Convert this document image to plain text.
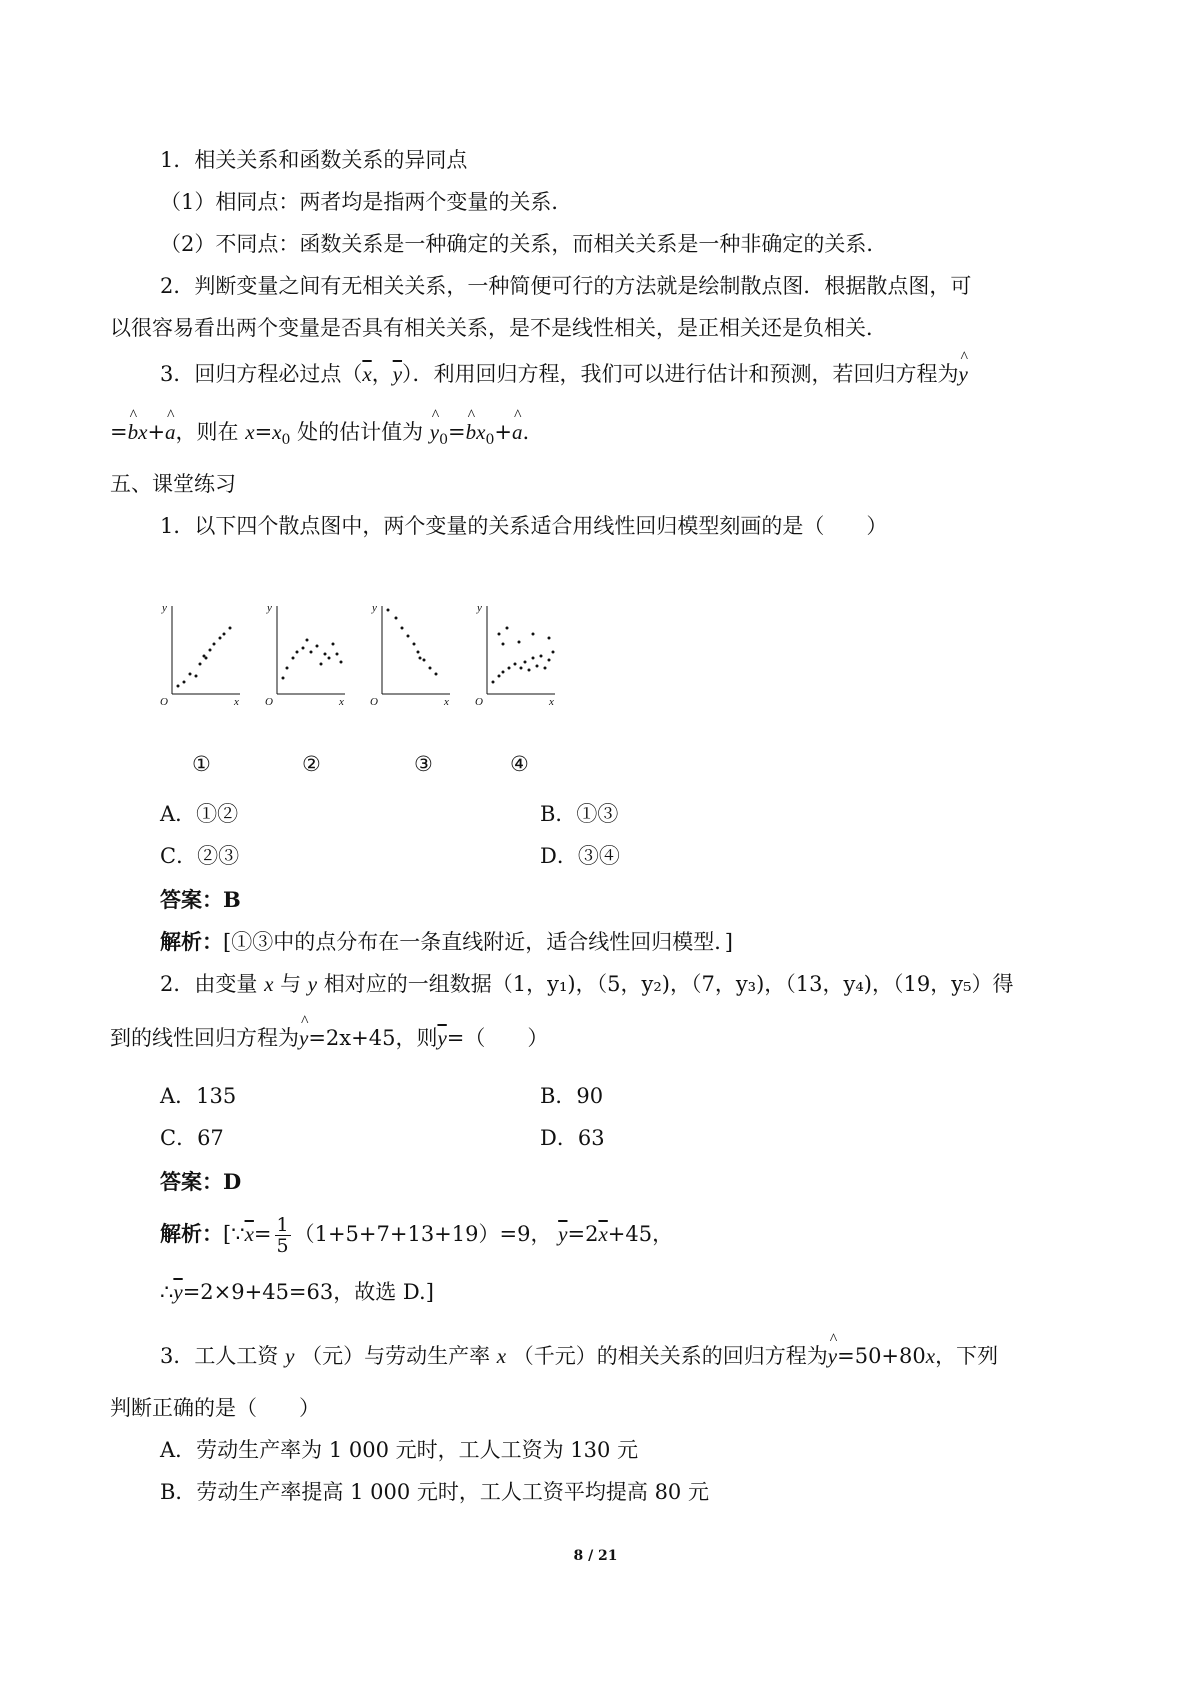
1．相关关系和函数关系的异同点
（1）相同点：两者均是指两个变量的关系．
（2）不同点：函数关系是一种确定的关系，而相关关系是一种非确定的关系．
2．判断变量之间有无相关关系，一种简便可行的方法就是绘制散点图．根据散点图，可
以很容易看出两个变量是否具有相关关系，是不是线性相关，是正相关还是负相关．
3．回归方程必过点（$\overline{x}$，$\overline{y}$）．利用回归方程，我们可以进行估计和预测，若回归方程为^ y
=^ bx+^ a，则在 $x=x_0$ 处的估计值为 ^ $y_0=\^{}$ $bx_0+\^{}$ a.
五、课堂练习
1．以下四个散点图中，两个变量的关系适合用线性回归模型刻画的是（　　）
y
O	x
y
O	x
y
O	x
y
O	x
①	②	③	④
A．①②	B．①③
C．②③	D．③④
答案：B
解析：[①③中的点分布在一条直线附近，适合线性回归模型．]
2．由变量 x 与 y 相对应的一组数据（1，y₁)，（5，y₂)，（7，y₃)，（13，y₄)，（19，y₅）得
到的线性回归方程为^ y=2x+45，则$\overline{y}=$（　　）
A．135	B．90
C．67	D．63
答案：D
解析：[$\because\overline{x}= \frac{1}{5} (1+5+7+13+19)=9$， $\overline{y}=2\overline{x}+45$，
$\therefore\overline{y}=2\times 9+45=63$，故选 D.]
3．工人工资 y （元）与劳动生产率 x （千元）的相关关系的回归方程为^ y=50+80x，下列
判断正确的是（　　）
A．劳动生产率为 1 000 元时，工人工资为 130 元
B．劳动生产率提高 1 000 元时，工人工资平均提高 80 元
8 / 21
